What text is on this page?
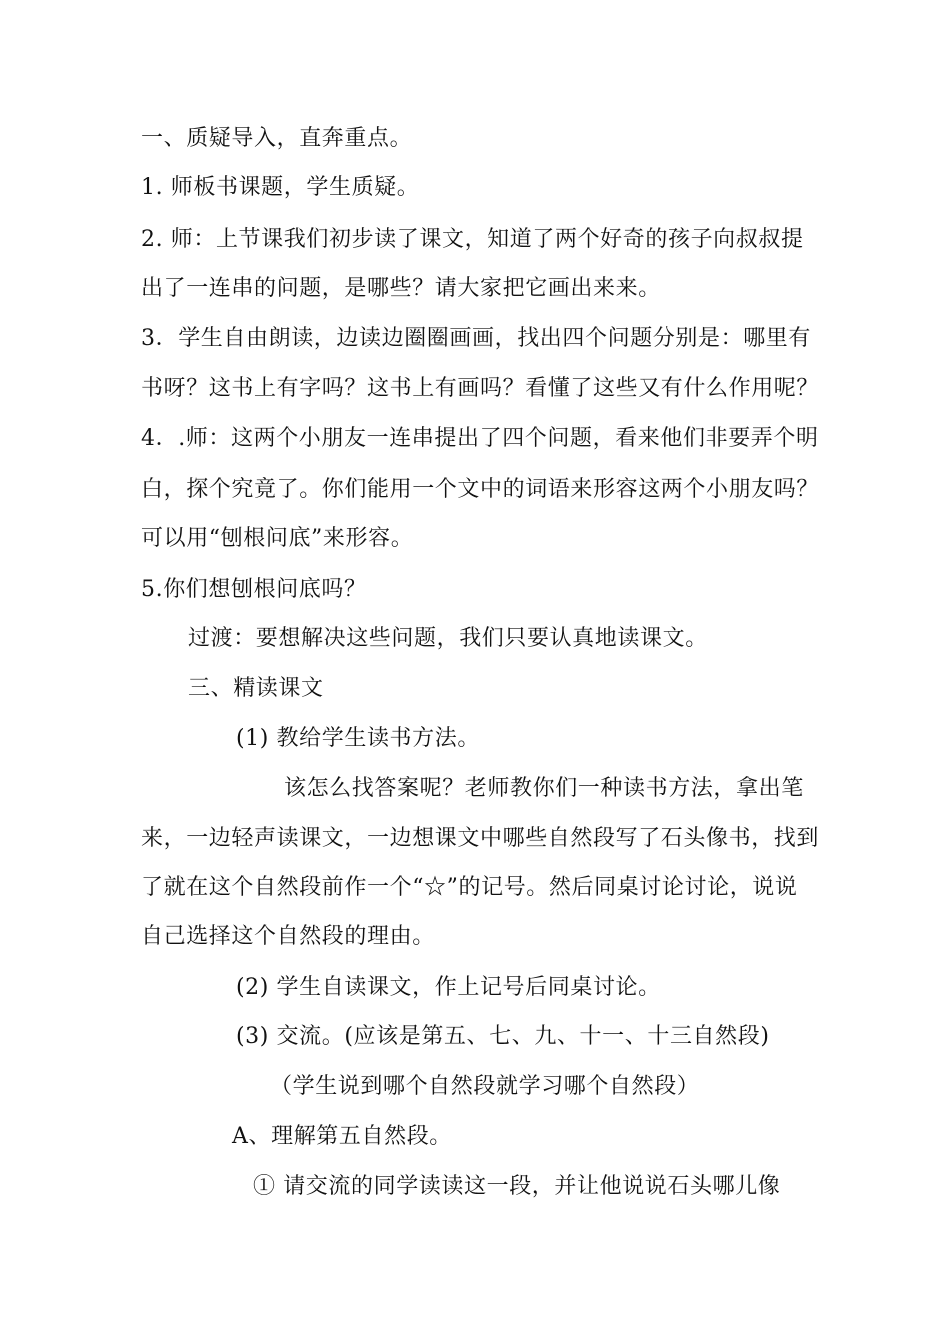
一、质疑导入，直奔重点。
1. 师板书课题，学生质疑。
2. 师：上节课我们初步读了课文，知道了两个好奇的孩子向叔叔提
出了一连串的问题，是哪些？请大家把它画出来来。
3．学生自由朗读，边读边圈圈画画，找出四个问题分别是：哪里有
书呀？这书上有字吗？这书上有画吗？看懂了这些又有什么作用呢？
4．.师：这两个小朋友一连串提出了四个问题，看来他们非要弄个明
白，探个究竟了。你们能用一个文中的词语来形容这两个小朋友吗？
可以用“刨根问底”来形容。
5.你们想刨根问底吗？
过渡：要想解决这些问题，我们只要认真地读课文。
三、精读课文
(1) 教给学生读书方法。
该怎么找答案呢？老师教你们一种读书方法，拿出笔
来，一边轻声读课文，一边想课文中哪些自然段写了石头像书，找到
了就在这个自然段前作一个“☆”的记号。然后同桌讨论讨论，说说
自己选择这个自然段的理由。
(2) 学生自读课文，作上记号后同桌讨论。
(3) 交流。(应该是第五、七、九、十一、十三自然段)
（学生说到哪个自然段就学习哪个自然段）
A、理解第五自然段。
① 请交流的同学读读这一段，并让他说说石头哪儿像
